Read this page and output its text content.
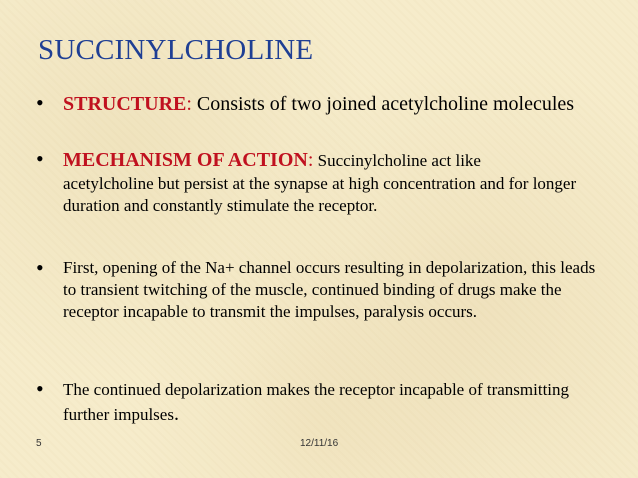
SUCCINYLCHOLINE
• STRUCTURE: Consists of two joined acetylcholine molecules
• MECHANISM OF ACTION: Succinylcholine act like
acetylcholine but persist at the synapse at high concentration and for longer duration and constantly stimulate the receptor.
• First, opening of the Na+ channel occurs resulting in depolarization, this leads to transient twitching of the muscle, continued binding of drugs make the receptor incapable to transmit the impulses, paralysis occurs.
• The continued depolarization makes the receptor incapable of transmitting further impulses.
5	12/11/16
